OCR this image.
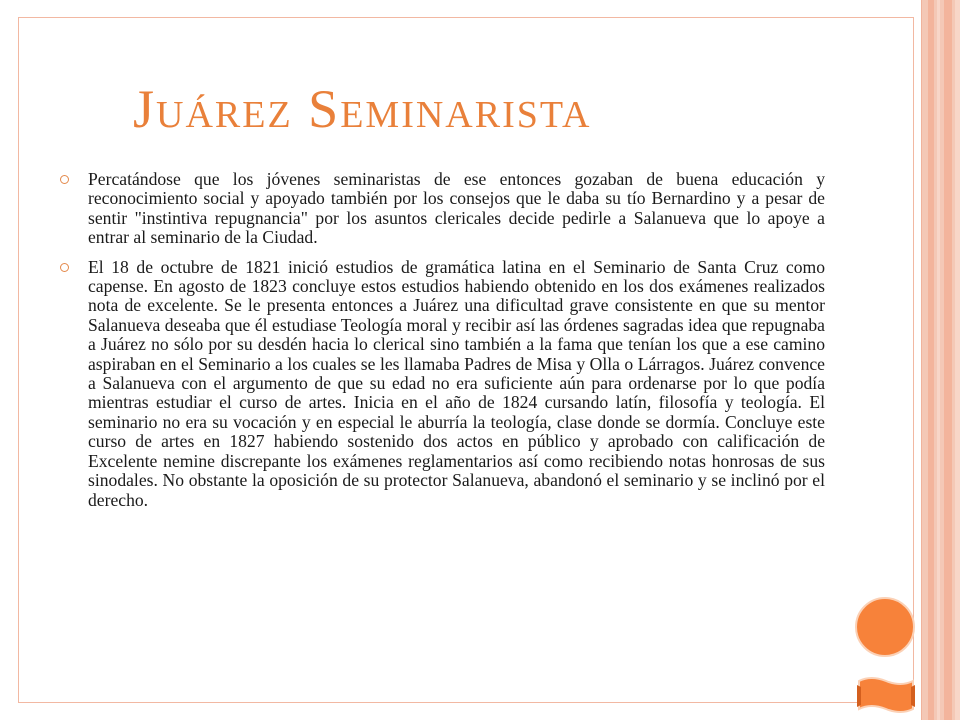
Juárez Seminarista

Percatándose que los jóvenes seminaristas de ese entonces gozaban de buena educación y reconocimiento social y apoyado también por los consejos que le daba su tío Bernardino y a pesar de sentir "instintiva repugnancia" por los asuntos clericales decide pedirle a Salanueva que lo apoye a entrar al seminario de la Ciudad.

El 18 de octubre de 1821 inició estudios de gramática latina en el Seminario de Santa Cruz como capense. En agosto de 1823 concluye estos estudios habiendo obtenido en los dos exámenes realizados nota de excelente. Se le presenta entonces a Juárez una dificultad grave consistente en que su mentor Salanueva deseaba que él estudiase Teología moral y recibir así las órdenes sagradas idea que repugnaba a Juárez no sólo por su desdén hacia lo clerical sino también a la fama que tenían los que a ese camino aspiraban en el Seminario a los cuales se les llamaba Padres de Misa y Olla o Lárragos. Juárez convence a Salanueva con el argumento de que su edad no era suficiente aún para ordenarse por lo que podía mientras estudiar el curso de artes. Inicia en el año de 1824 cursando latín, filosofía y teología. El seminario no era su vocación y en especial le aburría la teología, clase donde se dormía. Concluye este curso de artes en 1827 habiendo sostenido dos actos en público y aprobado con calificación de Excelente nemine discrepante los exámenes reglamentarios así como recibiendo notas honrosas de sus sinodales. No obstante la oposición de su protector Salanueva, abandonó el seminario y se inclinó por el derecho.
